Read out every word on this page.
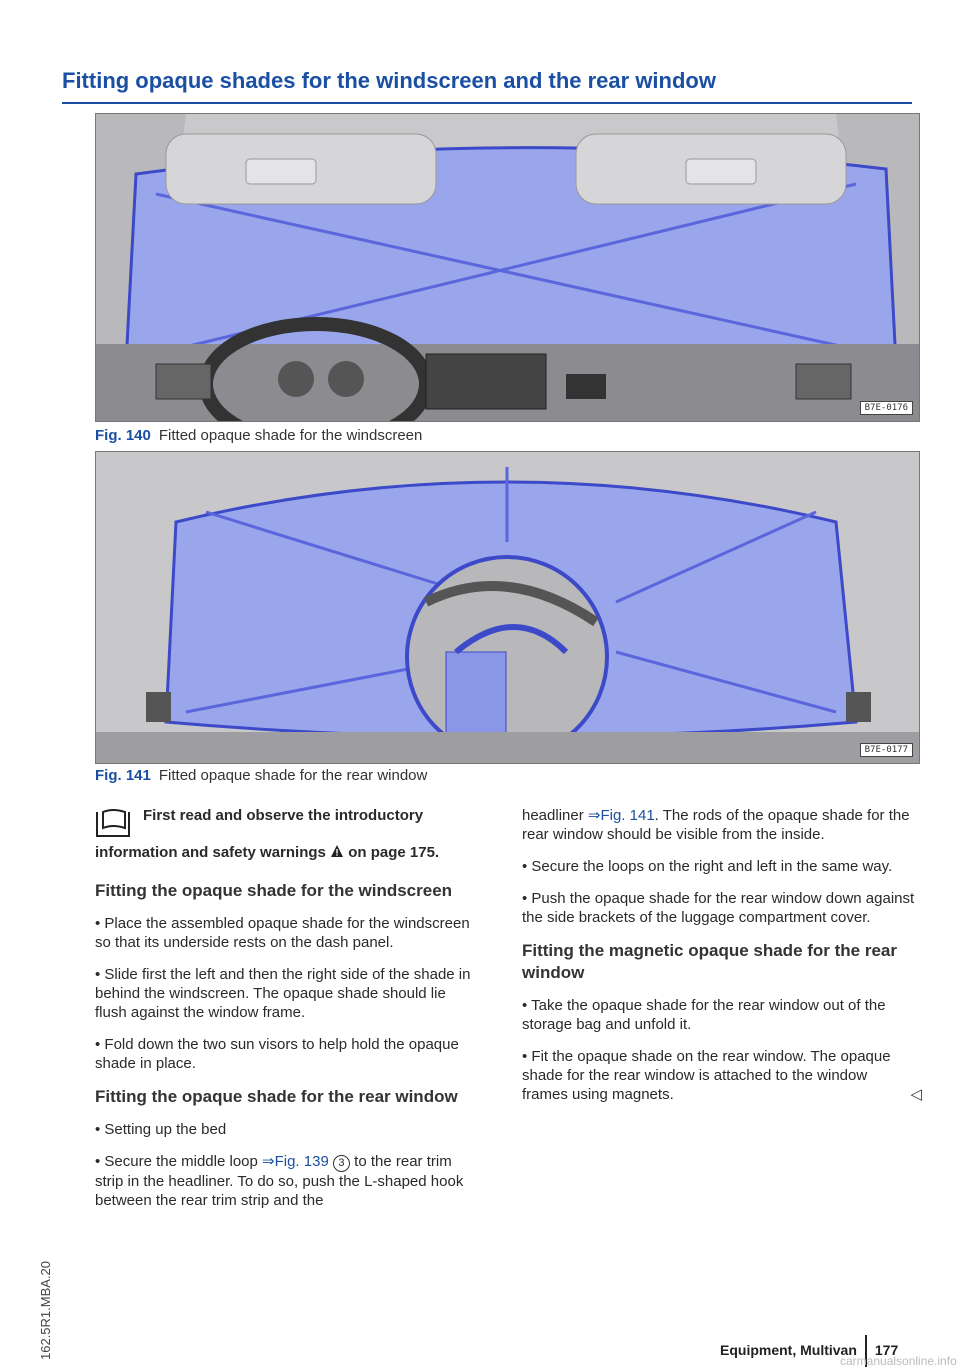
Fitting opaque shades for the windscreen and the rear window
B7E-0176
Fig. 140 Fitted opaque shade for the windscreen
B7E-0177
Fig. 141 Fitted opaque shade for the rear window
First read and observe the introductory information and safety warnings on page 175.
Fitting the opaque shade for the windscreen

• Place the assembled opaque shade for the windscreen so that its underside rests on the dash panel.

• Slide first the left and then the right side of the shade in behind the windscreen. The opaque shade should lie flush against the window frame.

• Fold down the two sun visors to help hold the opaque shade in place.

Fitting the opaque shade for the rear window

• Setting up the bed

• Secure the middle loop ⇒Fig. 139 3 to the rear trim strip in the headliner. To do so, push the L-shaped hook between the rear trim strip and the

headliner ⇒Fig. 141. The rods of the opaque shade for the rear window should be visible from the inside.

• Secure the loops on the right and left in the same way.

• Push the opaque shade for the rear window down against the side brackets of the luggage compartment cover.

Fitting the magnetic opaque shade for the rear window

• Take the opaque shade for the rear window out of the storage bag and unfold it.

• Fit the opaque shade on the rear window. The opaque shade for the rear window is attached to the window frames using magnets.	◁

162.5R1.MBA.20	Equipment, Multivan 177
carmanualsonline.info
